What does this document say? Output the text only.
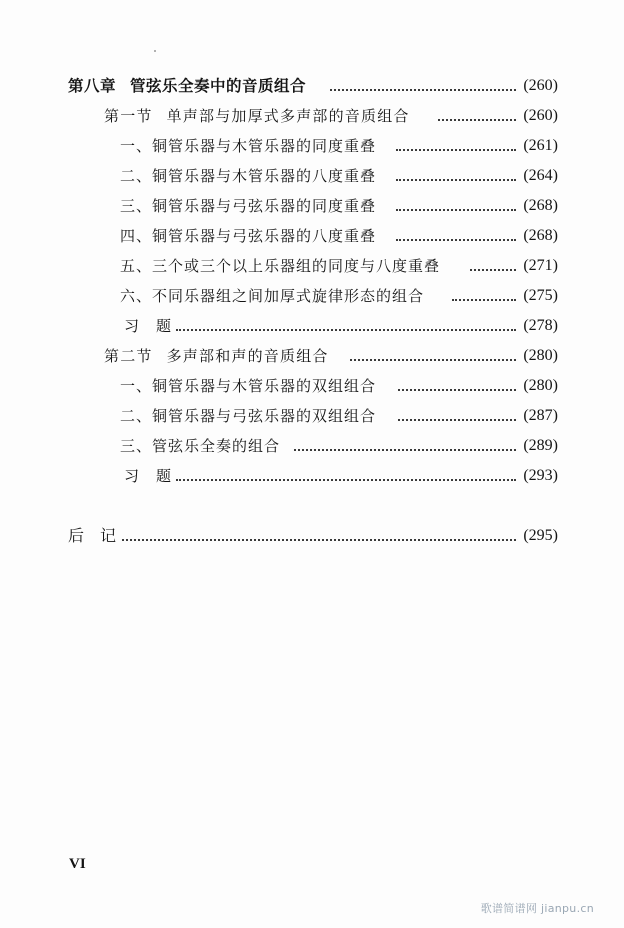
第八章 管弦乐全奏中的音质组合	(260)
第一节 单声部与加厚式多声部的音质组合	(260)
一、铜管乐器与木管乐器的同度重叠	(261)
二、铜管乐器与木管乐器的八度重叠	(264)
三、铜管乐器与弓弦乐器的同度重叠	(268)
四、铜管乐器与弓弦乐器的八度重叠	(268)
五、三个或三个以上乐器组的同度与八度重叠	(271)
六、不同乐器组之间加厚式旋律形态的组合	(275)
习　题	(278)
第二节 多声部和声的音质组合	(280)
一、铜管乐器与木管乐器的双组组合	(280)
二、铜管乐器与弓弦乐器的双组组合	(287)
三、管弦乐全奏的组合	(289)
习　题	(293)
后　记	(295)
VI
歌谱简谱网 jianpu.cn
